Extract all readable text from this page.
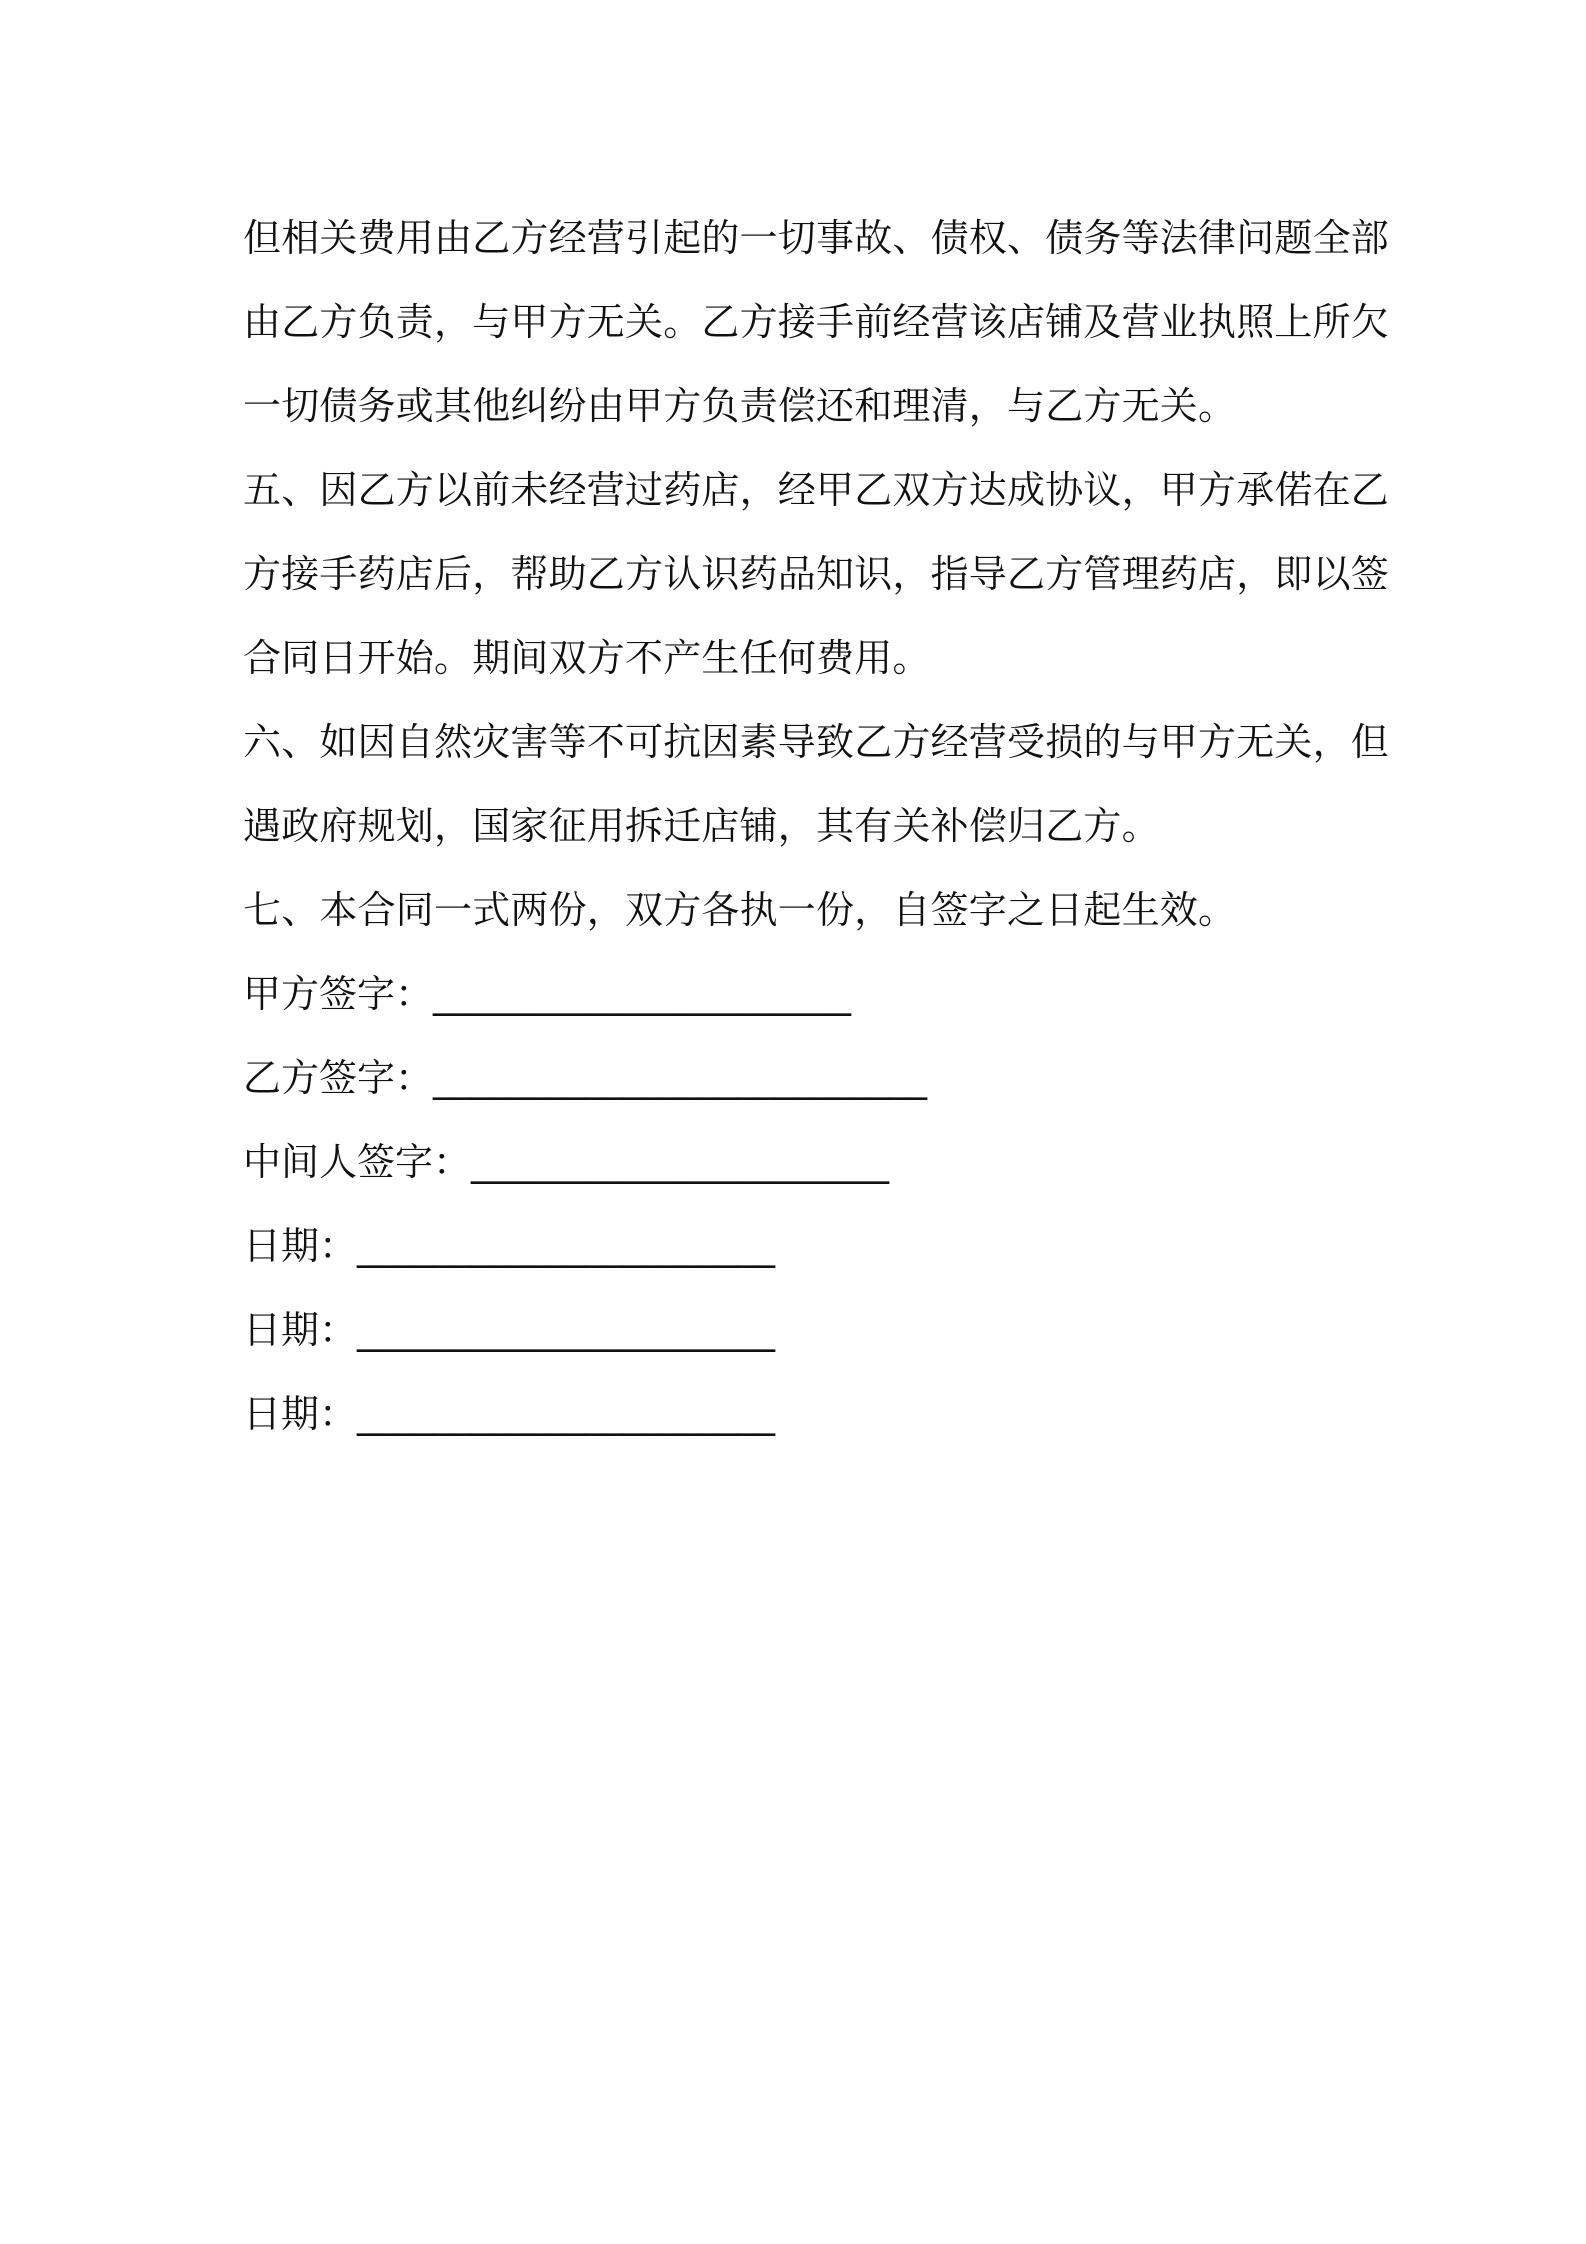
但相关费用由乙方经营引起的一切事故、债权、债务等法律问题全部
由乙方负责，与甲方无关。乙方接手前经营该店铺及营业执照上所欠
一切债务或其他纠纷由甲方负责偿还和理清，与乙方无关。
五、因乙方以前未经营过药店，经甲乙双方达成协议，甲方承偌在乙
方接手药店后，帮助乙方认识药品知识，指导乙方管理药店，即以签
合同日开始。期间双方不产生任何费用。
六、如因自然灾害等不可抗因素导致乙方经营受损的与甲方无关，但
遇政府规划，国家征用拆迁店铺，其有关补偿归乙方。
七、本合同一式两份，双方各执一份，自签字之日起生效。
甲方签字：______________________
乙方签字：__________________________
中间人签字：______________________
日期：______________________
日期：______________________
日期：______________________
